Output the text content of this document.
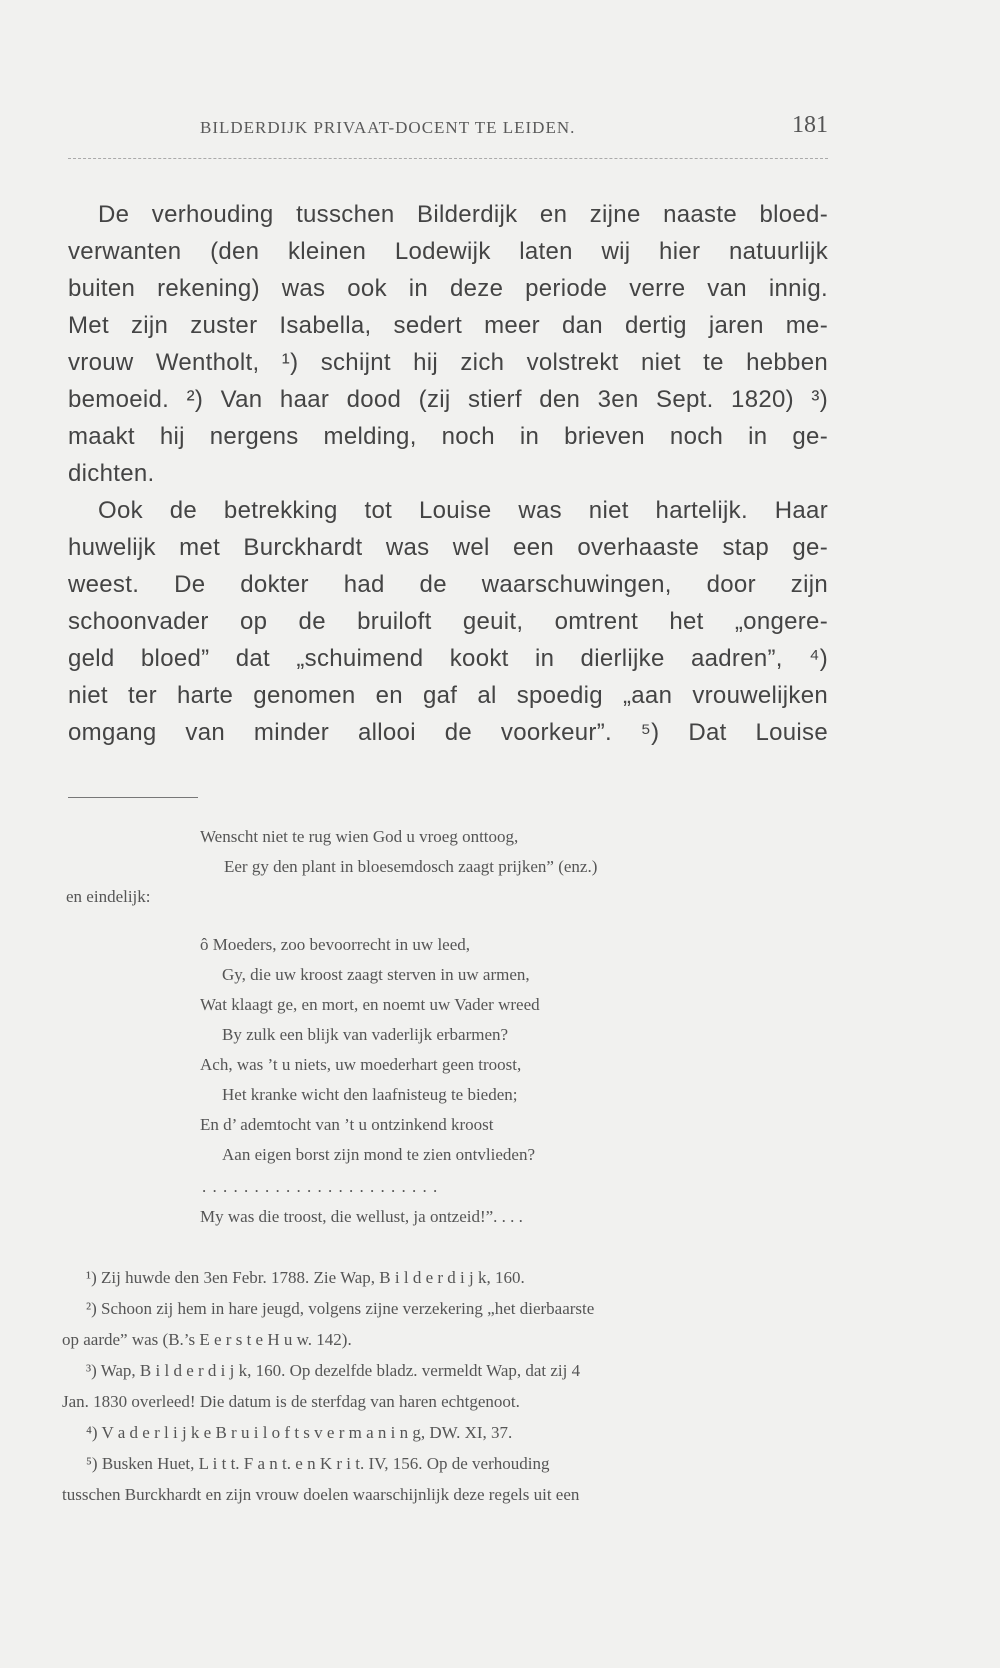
BILDERDIJK PRIVAAT-DOCENT TE LEIDEN.	181
De verhouding tusschen Bilderdijk en zijne naaste bloed-
verwanten (den kleinen Lodewijk laten wij hier natuurlijk
buiten rekening) was ook in deze periode verre van innig.
Met zijn zuster Isabella, sedert meer dan dertig jaren me-
vrouw Wentholt, ¹) schijnt hij zich volstrekt niet te hebben
bemoeid. ²) Van haar dood (zij stierf den 3en Sept. 1820) ³)
maakt hij nergens melding, noch in brieven noch in ge-
dichten.
Ook de betrekking tot Louise was niet hartelijk. Haar
huwelijk met Burckhardt was wel een overhaaste stap ge-
weest. De dokter had de waarschuwingen, door zijn
schoonvader op de bruiloft geuit, omtrent het „ongere-
geld bloed” dat „schuimend kookt in dierlijke aadren”, ⁴)
niet ter harte genomen en gaf al spoedig „aan vrouwelijken
omgang van minder allooi de voorkeur”. ⁵) Dat Louise
Wenscht niet te rug wien God u vroeg onttoog,
Eer gy den plant in bloesemdosch zaagt prijken” (enz.)
en eindelijk:
ô Moeders, zoo bevoorrecht in uw leed,
Gy, die uw kroost zaagt sterven in uw armen,
Wat klaagt ge, en mort, en noemt uw Vader wreed
By zulk een blijk van vaderlijk erbarmen?
Ach, was ’t u niets, uw moederhart geen troost,
Het kranke wicht den laafnisteug te bieden;
En d’ ademtocht van ’t u ontzinkend kroost
Aan eigen borst zijn mond te zien ontvlieden?
. . . . . . . . . . . . . . . . . . . . . . .
My was die troost, die wellust, ja ontzeid!”. . . .
¹) Zij huwde den 3en Febr. 1788. Zie Wap, B i l d e r d i j k, 160.
²) Schoon zij hem in hare jeugd, volgens zijne verzekering „het dierbaarste
op aarde” was (B.’s E e r s t e H u w. 142).
³) Wap, B i l d e r d i j k, 160. Op dezelfde bladz. vermeldt Wap, dat zij 4
Jan. 1830 overleed! Die datum is de sterfdag van haren echtgenoot.
⁴) V a d e r l i j k e B r u i l o f t s v e r m a n i n g, DW. XI, 37.
⁵) Busken Huet, L i t t. F a n t. e n K r i t. IV, 156. Op de verhouding
tusschen Burckhardt en zijn vrouw doelen waarschijnlijk deze regels uit een
